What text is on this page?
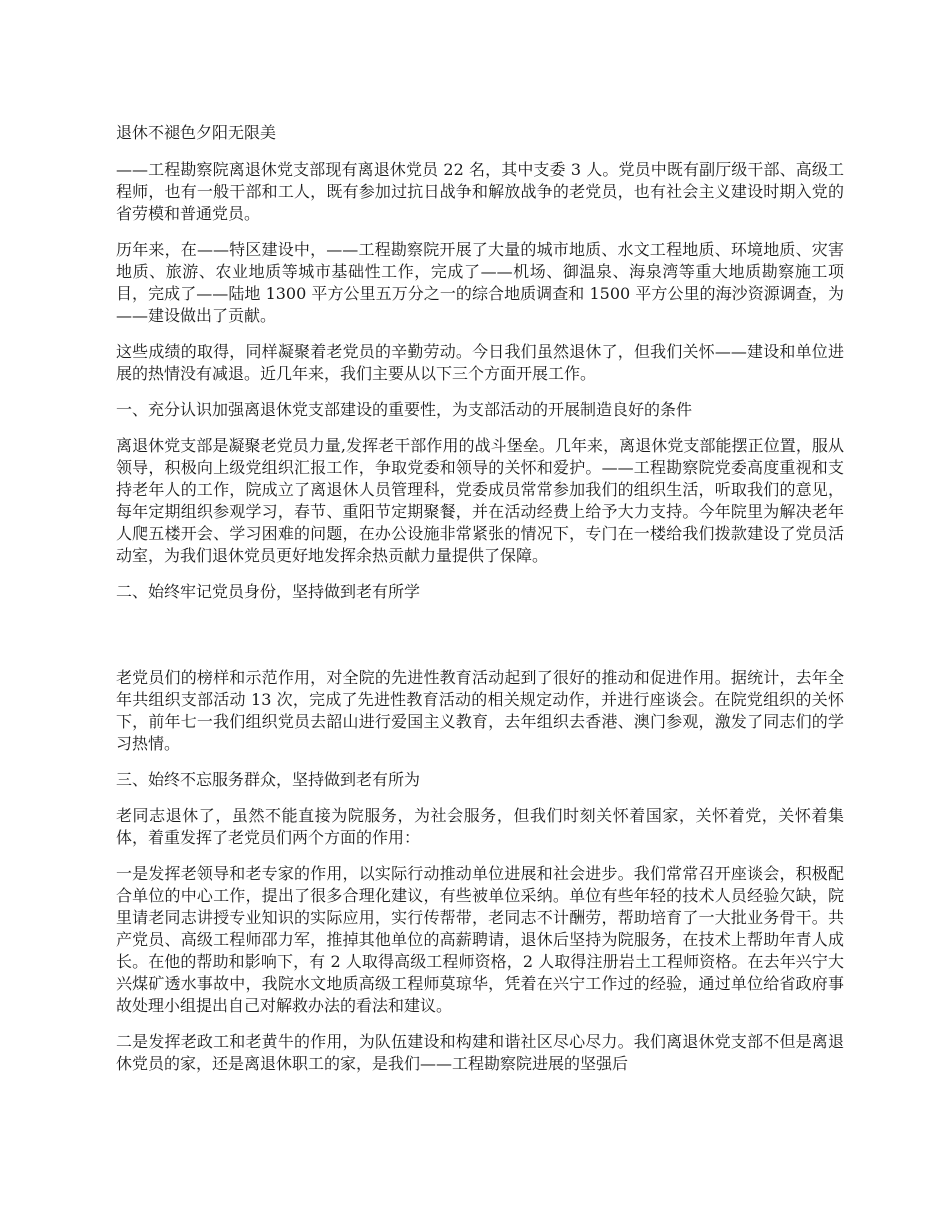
退休不褪色夕阳无限美

——工程勘察院离退休党支部现有离退休党员 22 名，其中支委 3 人。党员中既有副厅级干部、高级工程师，也有一般干部和工人，既有参加过抗日战争和解放战争的老党员，也有社会主义建设时期入党的省劳模和普通党员。

历年来，在——特区建设中，——工程勘察院开展了大量的城市地质、水文工程地质、环境地质、灾害地质、旅游、农业地质等城市基础性工作，完成了——机场、御温泉、海泉湾等重大地质勘察施工项目，完成了——陆地 1300 平方公里五万分之一的综合地质调查和 1500 平方公里的海沙资源调查，为——建设做出了贡献。

这些成绩的取得，同样凝聚着老党员的辛勤劳动。今日我们虽然退休了，但我们关怀——建设和单位进展的热情没有减退。近几年来，我们主要从以下三个方面开展工作。

一、充分认识加强离退休党支部建设的重要性，为支部活动的开展制造良好的条件

离退休党支部是凝聚老党员力量,发挥老干部作用的战斗堡垒。几年来，离退休党支部能摆正位置，服从领导，积极向上级党组织汇报工作，争取党委和领导的关怀和爱护。——工程勘察院党委高度重视和支持老年人的工作，院成立了离退休人员管理科，党委成员常常参加我们的组织生活，听取我们的意见，每年定期组织参观学习，春节、重阳节定期聚餐，并在活动经费上给予大力支持。今年院里为解决老年人爬五楼开会、学习困难的问题，在办公设施非常紧张的情况下，专门在一楼给我们拨款建设了党员活动室，为我们退休党员更好地发挥余热贡献力量提供了保障。

二、始终牢记党员身份，坚持做到老有所学

老党员们的榜样和示范作用，对全院的先进性教育活动起到了很好的推动和促进作用。据统计，去年全年共组织支部活动 13 次，完成了先进性教育活动的相关规定动作，并进行座谈会。在院党组织的关怀下，前年七一我们组织党员去韶山进行爱国主义教育，去年组织去香港、澳门参观，激发了同志们的学习热情。

三、始终不忘服务群众，坚持做到老有所为

老同志退休了，虽然不能直接为院服务，为社会服务，但我们时刻关怀着国家，关怀着党，关怀着集体，着重发挥了老党员们两个方面的作用：

一是发挥老领导和老专家的作用，以实际行动推动单位进展和社会进步。我们常常召开座谈会，积极配合单位的中心工作，提出了很多合理化建议，有些被单位采纳。单位有些年轻的技术人员经验欠缺，院里请老同志讲授专业知识的实际应用，实行传帮带，老同志不计酬劳，帮助培育了一大批业务骨干。共产党员、高级工程师邵力军，推掉其他单位的高薪聘请，退休后坚持为院服务，在技术上帮助年青人成长。在他的帮助和影响下，有 2 人取得高级工程师资格，2 人取得注册岩土工程师资格。在去年兴宁大兴煤矿透水事故中，我院水文地质高级工程师莫琼华，凭着在兴宁工作过的经验，通过单位给省政府事故处理小组提出自己对解救办法的看法和建议。

二是发挥老政工和老黄牛的作用，为队伍建设和构建和谐社区尽心尽力。我们离退休党支部不但是离退休党员的家，还是离退休职工的家，是我们——工程勘察院进展的坚强后
